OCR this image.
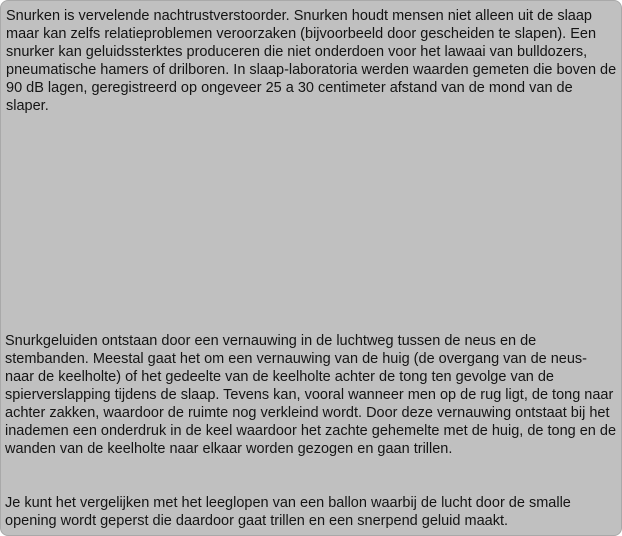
Snurken is vervelende nachtrustverstoorder. Snurken houdt mensen niet alleen uit de slaap maar kan zelfs relatieproblemen veroorzaken (bijvoorbeeld door gescheiden te slapen). Een snurker kan geluidssterktes produceren die niet onderdoen voor het lawaai van bulldozers, pneumatische hamers of drilboren. In slaap-laboratoria werden waarden gemeten die boven de 90 dB lagen, geregistreerd op ongeveer 25 a 30 centimeter afstand van de mond van de slaper.

Snurkgeluiden ontstaan door een vernauwing in de luchtweg tussen de neus en de stembanden. Meestal gaat het om een vernauwing van de huig (de overgang van de neus- naar de keelholte) of het gedeelte van de keelholte achter de tong ten gevolge van de spierverslapping tijdens de slaap. Tevens kan, vooral wanneer men op de rug ligt, de tong naar achter zakken, waardoor de ruimte nog verkleind wordt. Door deze vernauwing ontstaat bij het inademen een onderdruk in de keel waardoor het zachte gehemelte met de huig, de tong en de wanden van de keelholte naar elkaar worden gezogen en gaan trillen.

Je kunt het vergelijken met het leeglopen van een ballon waarbij de lucht door de smalle opening wordt geperst die daardoor gaat trillen en een snerpend geluid maakt.
